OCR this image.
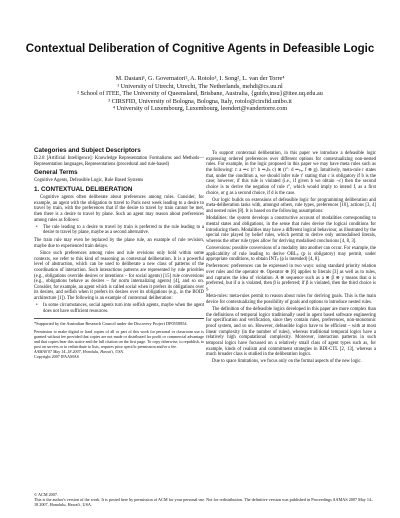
Contextual Deliberation of Cognitive Agents in Defeasible Logic
M. Dastani¹, G. Governatori², A. Rotolo³, I. Song², L. van der Torre⁴
¹ University of Utrecht, Utrecht, The Netherlands, mehdi@cs.uu.nl
² School of ITEE, The University of Queensland, Brisbane, Australia, {guido,insu}@itee.uq.edu.au
³ CIRSFID, University of Bologna, Bologna, Italy, rotolo@cirsfid.unibo.it
⁴ University of Luxembourg, Luxembourg, leendert@vandertorre.com
Categories and Subject Descriptors

D.2.8 [Artificial Intelligence]: Knowledge Representation Formalisms and Methods—Representation languages, Representations (procedural and rule-based)

General Terms

Cognitive Agents, Defeasible Logic, Rule Based Systems

1. CONTEXTUAL DELIBERATION

Cognitive agents often deliberate about preferences among rules. Consider, for example, an agent with the obligation to travel to Paris next week leading to a desire to travel by train, with the preferences that if the desire to travel by train cannot be met, then there is a desire to travel by plane. Such an agent may reason about preferences among rules as follows:

• The rule leading to a desire to travel by train is preferred to the rule leading to a desire to travel by plane, maybe as a second alternative.

The train rule may even be replaced by the plane rule, an example of rule revision, maybe due to experienced train delays.

Since such preferences among rules and rule revisions only hold within some contexts, we refer to this kind of reasoning as contextual deliberation. It is a powerful level of abstraction, which can be used to deliberate a new class of patterns of the coordination of interaction. Such interactions patterns are represented by rule priorities (e.g., obligations override desires or intentions – for social agents) [15] rule conversions (e.g., obligations behave as desires – for norm internalizing agents) [4], and so on. Consider, for example, an agent which is called social when it prefers its obligations over its desires, and selfish when it prefers its desires over its obligations (e.g., in the BOID architecture [1]). The following is an example of contextual deliberation:

• In some circumstances, social agents turn into selfish agents, maybe when the agent does not have sufficient resources.
*Supported by the Australian Research Council under the Discovery Project DP0558854.
Permission to make digital or hard copies of all or part of this work for personal or classroom use is granted without fee provided that copies are not made or distributed for profit or commercial advantage and that copies bear this notice and the full citation on the first page. To copy otherwise, to republish, to post on servers or to redistribute to lists, requires prior specific permission and/or a fee.
AAMAS'07 May 14–18 2007, Honolulu, Hawai'i, USA.
Copyright 2007 IFAAMAS

To support contextual deliberation, in this paper we introduce a defeasible logic expressing ordered preferences over different options for contextualizing non-nested rules. For example, in the logic proposed in this paper we may have meta rules such as the following: r: a ⇒ᴄ (r′: b ⇒ₒbₗ c) ⊗ (r″: d ⇒ₚₑᵣ f ⊗ g). Intuitively, meta-rule r states that, under the condition a, we should infer rule r′ stating that c is obligatory if b is the case; however, if this rule is violated (i.e., if given b we obtain ¬c) then the second choice is to derive the negation of rule r″, which would imply to intend f, as a first choice, or g as a second choice, if d is the case.

Our logic builds on extensions of defeasible logic for programming deliberation and meta-deliberation tasks with, amongst others, rule types, preferences [10], actions [3, 4] and nested rules [8]. It is based on the following assumptions:

Modalities: the system develops a constructive account of modalities corresponding to mental states and obligations, in the sense that rules devise the logical conditions for introducing them. Modalities may have a different logical behaviour, as illustrated by the special role played by belief rules, which permit to derive only unmodalised literals, whereas the other rule types allow for deriving modalised conclusions [4, 8, 3].

Conversions: possible conversions of a modality into another can occur. For example, the applicability of rule leading to derive OBLₚ (p is obligatory) may permit, under appropriate conditions, to obtain INTₚ (p is intended) [4, 8].

Preferences: preferences can be expressed in two ways: using standard priority relation over rules and the operator ⊗. Operator ⊗ [6] applies to literals [3] as well as to rules, and captures the idea of violation. A ⊗ sequence such as a ⊗ β ⊗ γ means that α is preferred, but if α is violated, then β is preferred; if β is violated, then the third choice is γ.

Meta-rules: meta-rules permit to reason about rules for deriving goals. This is the main device for contextualizing the possibility of goals and options to introduce nested rules.

The definition of the defeasible logics developed in this paper are more complex than the definitions of temporal logics traditionally used in agent based software engineering for specification and verification, since they contain rules, preferences, non-monotonic proof system, and so on. However, defeasible logics have to be efficient – with at most linear complexity (in the number of rules), whereas traditional temporal logics have a relatively high computational complexity. Moreover, interaction patterns in such temporal logics have focussed on a relatively small class of agent types such as, for example, kinds of realism and commitment strategies in BDI-CTL [2, 13], whereas a much broader class is studied in the deliberation logics.

Due to space limitations, we focus only on the formal aspects of the new logic.

© ACM 2007.
This is the author's version of the work. It is posted here by permission of ACM for your personal use. Not for redistribution. The definitive version was published in Proceedings AAMAS 2007 May 14–18 2007, Honolulu, Hawai'i, USA.
